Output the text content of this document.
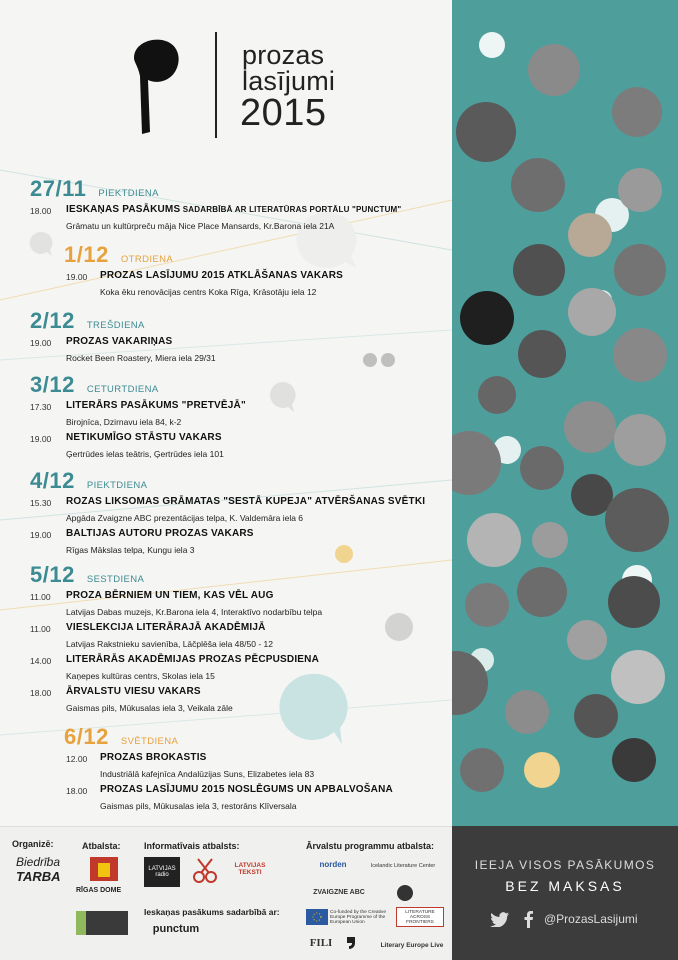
prozas
lasījumi
2015
27/11 PIEKTDIENA
18.00 IESKAŅAS PASĀKUMS SADARBĪBĀ AR LITERATŪRAS PORTĀLU "PUNCTUM"
Grāmatu un kultūrpreču mājа Nice Place Mansards, Kr.Barona iela 21A
1/12 OTRDIENA
19.00 PROZAS LASĪJUMU 2015 ATKLĀŠANAS VAKARS
Koka ēku renovācijas centrs Koka Rīga, Krāsotāju iela 12
2/12 TREŠDIENA
19.00 PROZAS VAKARIŅAS
Rocket Been Roastery, Miera iela 29/31
3/12 CETURTDIENA
17.30 LITERĀRS PASĀKUMS "PRETVĒJĀ"
Birojnīca, Dzirnavu iela 84, k-2
19.00 NETIKUMĪGO STĀSTU VAKARS
Ģertrūdes ielas teātris, Ģertrūdes iela 101
4/12 PIEKTDIENA
15.30 ROZAS LIKSOMAS GRĀMATAS "SESTĀ KUPEJA" ATVĒRŠANAS SVĒTKI
Apgāda Zvaigzne ABC prezentācijas telpa, K. Valdemāra iela 6
19.00 BALTIJAS AUTORU PROZAS VAKARS
Rīgas Mākslas telpa, Kungu iela 3
5/12 SESTDIENA
11.00 PROZA BĒRNIEM UN TIEM, KAS VĒL AUG
Latvijas Dabas muzejs, Kr.Barona iela 4, Interaktīvo nodarbību telpa
11.00 VIESLEKCIJA LITERĀRAJĀ AKADĒMIJĀ
Latvijas Rakstnieku savienība, Lāčplēša iela 48/50 - 12
14.00 LITERĀRĀS AKADĒMIJAS PROZAS PĒCPUSDIENA
Kaņepes kultūras centrs, Skolas iela 15
18.00 ĀRVALSTU VIESU VAKARS
Gaismas pils, Mūkusalas iela 3, Veikala zāle
6/12 SVĒTDIENA
12.00 PROZAS BROKASTIS
Industriālā kafejnīca Andalūzijas Suns, Elizabetes iela 83
18.00 PROZAS LASĪJUMU 2015 NOSLĒGUMS UN APBALVOŠANA
Gaismas pils, Mūkusalas iela 3, restorāns Klīversala
Organizē:
Biedrība
TARBA
Atbalsta:
RĪGAS DOME
Informatīvais atbalsts:
LATVIJAS radio
LATVIJAS TEKSTI
Ieskaņas pasākums sadarbībā ar:
punctum
Ārvalstu programmu atbalsta:
norden	Icelandic Literature Center
ZVAIGZNE ABC
Co-funded by the Creative Europe Programme of the European Union
LITERATURE ACROSS FRONTIERS
FILI	Literary Europe Live
IEEJA VISOS PASĀKUMOS
BEZ MAKSAS
@ProzasLasijumi
